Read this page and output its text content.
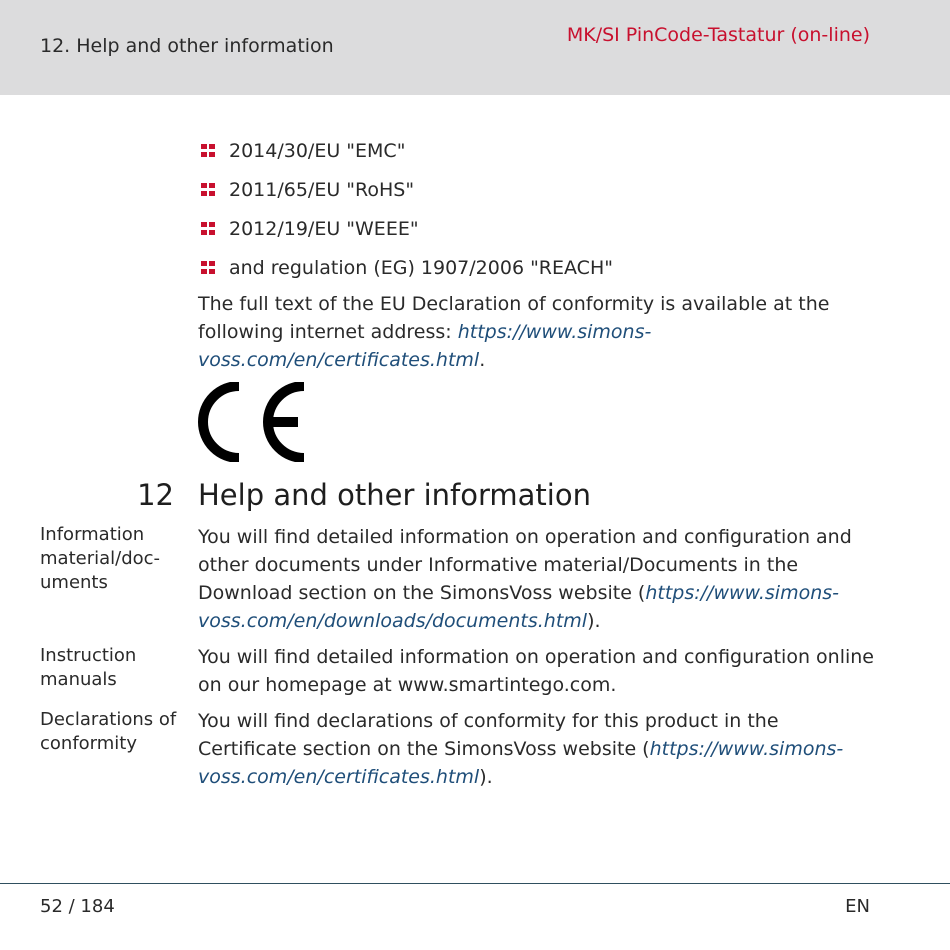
12. Help and other information	MK/SI PinCode-Tastatur (on-line)
2014/30/EU "EMC"
2011/65/EU "RoHS"
2012/19/EU "WEEE"
and regulation (EG) 1907/2006 "REACH"
The full text of the EU Declaration of conformity is available at the following internet address: https://www.simons-voss.com/en/certificates.html.
12 Help and other information
Information material/doc-uments
You will find detailed information on operation and configuration and other documents under Informative material/Documents in the Download section on the SimonsVoss website (https://www.simons-voss.com/en/downloads/documents.html).
Instruction manuals
You will find detailed information on operation and configuration online on our homepage at www.smartintego.com.
Declarations of conformity
You will find declarations of conformity for this product in the Certificate section on the SimonsVoss website (https://www.simons-voss.com/en/certificates.html).
52 / 184	EN
